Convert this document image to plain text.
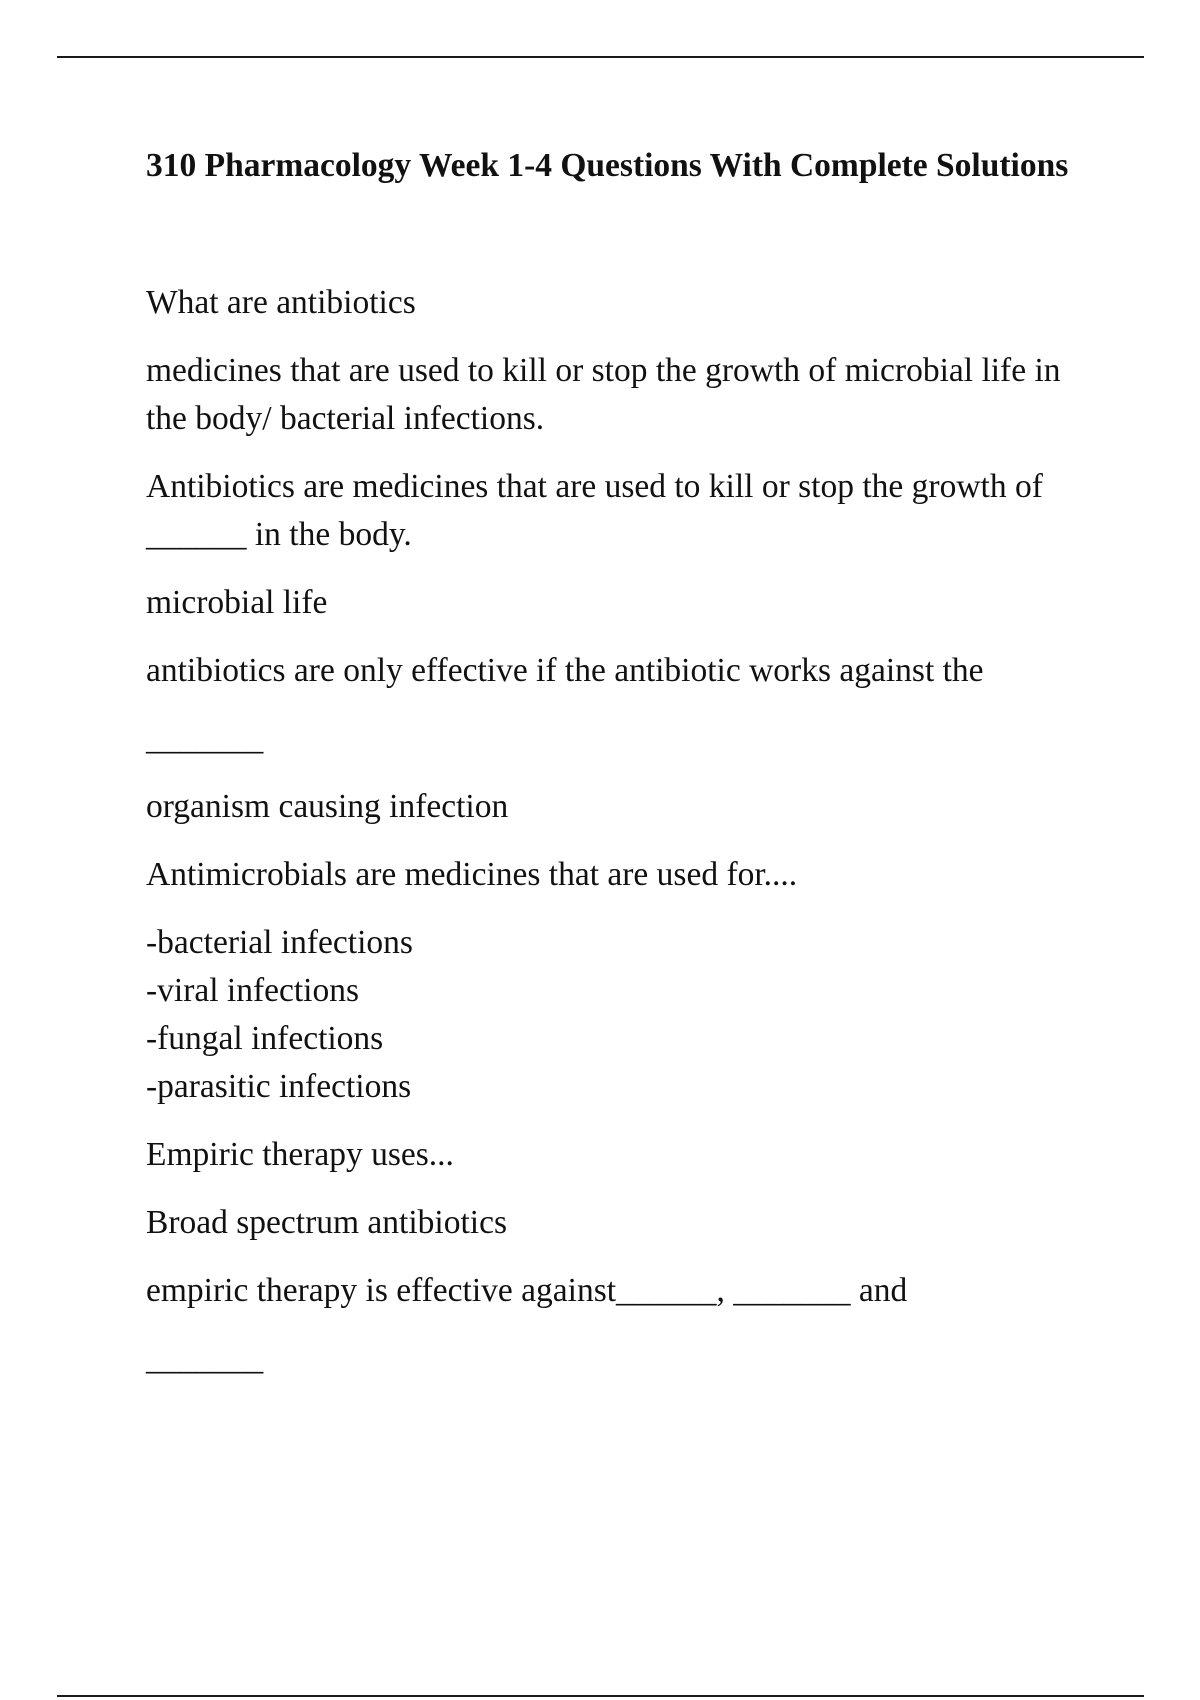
310 Pharmacology Week 1-4 Questions With Complete Solutions

What are antibiotics

medicines that are used to kill or stop the growth of microbial life in the body/ bacterial infections.

Antibiotics are medicines that are used to kill or stop the growth of ______ in the body.

microbial life

antibiotics are only effective if the antibiotic works against the
_______

organism causing infection

Antimicrobials are medicines that are used for....

-bacterial infections
-viral infections
-fungal infections
-parasitic infections

Empiric therapy uses...

Broad spectrum antibiotics

empiric therapy is effective against______, _______ and
_______
